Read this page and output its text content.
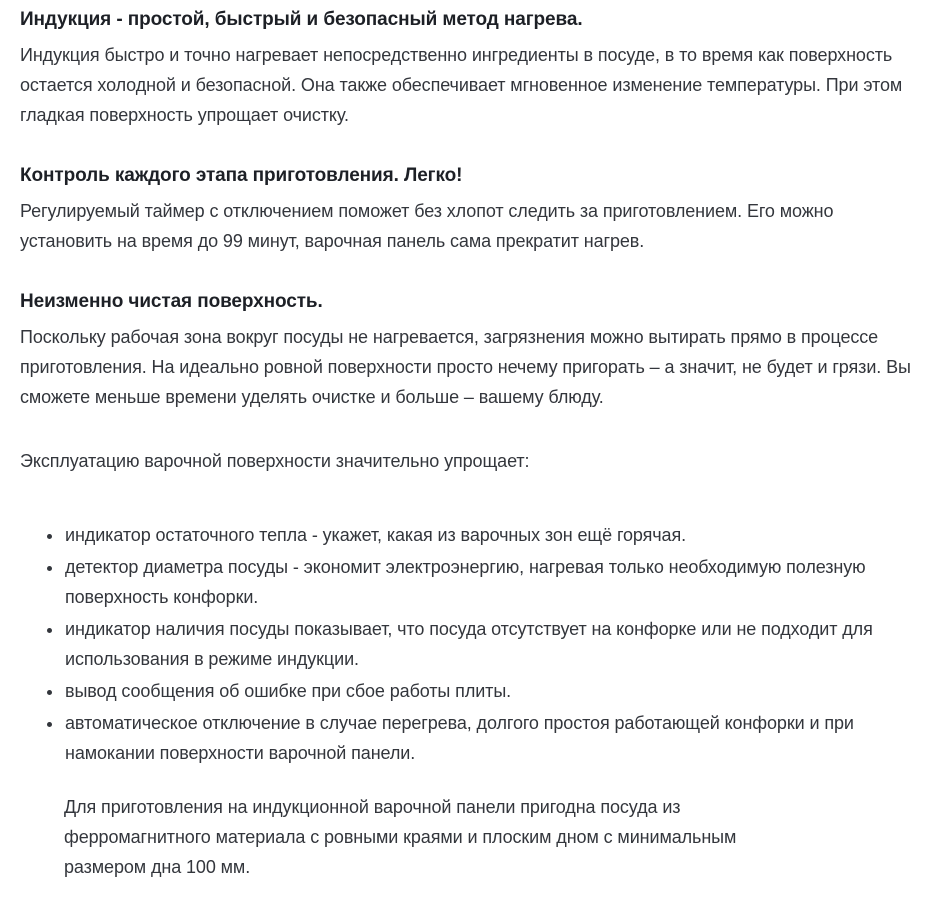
Индукция - простой, быстрый и безопасный метод нагрева.

Индукция быстро и точно нагревает непосредственно ингредиенты в посуде, в то время как поверхность остается холодной и безопасной. Она также обеспечивает мгновенное изменение температуры. При этом гладкая поверхность упрощает очистку.

Контроль каждого этапа приготовления. Легко!

Регулируемый таймер с отключением поможет без хлопот следить за приготовлением. Его можно установить на время до 99 минут, варочная панель сама прекратит нагрев.

Неизменно чистая поверхность.

Поскольку рабочая зона вокруг посуды не нагревается, загрязнения можно вытирать прямо в процессе приготовления. На идеально ровной поверхности просто нечему пригорать – а значит, не будет и грязи. Вы сможете меньше времени уделять очистке и больше – вашему блюду.

Эксплуатацию варочной поверхности значительно упрощает:

• индикатор остаточного тепла - укажет, какая из варочных зон ещё горячая.
• детектор диаметра посуды - экономит электроэнергию, нагревая только необходимую полезную поверхность конфорки.
• индикатор наличия посуды показывает, что посуда отсутствует на конфорке или не подходит для использования в режиме индукции.
• вывод сообщения об ошибке при сбое работы плиты.
• автоматическое отключение в случае перегрева, долгого простоя работающей конфорки и при намокании поверхности варочной панели.

Для приготовления на индукционной варочной панели пригодна посуда из ферромагнитного материала с ровными краями и плоским дном с минимальным размером дна 100 мм.
